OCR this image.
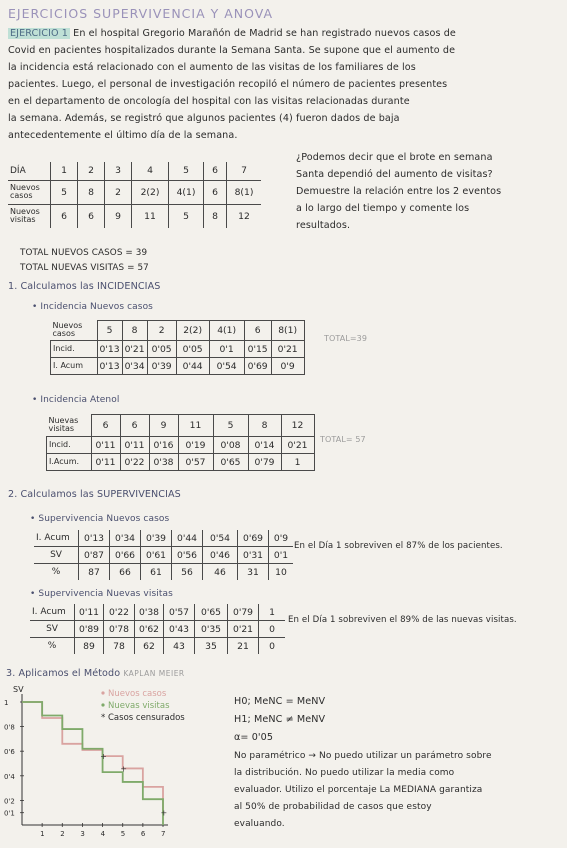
EJERCICIOS SUPERVIVENCIA Y ANOVA
EJERCICIO 1 En el hospital Gregorio Marañón de Madrid se han registrado nuevos casos de
Covid en pacientes hospitalizados durante la Semana Santa. Se supone que el aumento de
la incidencia está relacionado con el aumento de las visitas de los familiares de los
pacientes. Luego, el personal de investigación recopiló el número de pacientes presentes
en el departamento de oncología del hospital con las visitas relacionadas durante
la semana. Además, se registró que algunos pacientes (4) fueron dados de baja
antecedentemente el último día de la semana.
DÍA	1	2	3	4	5	6	7
Nuevos casos	5	8	2	2(2)	4(1)	6	8(1)
Nuevos visitas	6	6	9	11	5	8	12
¿Podemos decir que el brote en semana
Santa dependió del aumento de visitas?
Demuestre la relación entre los 2 eventos
a lo largo del tiempo y comente los
resultados.
TOTAL NUEVOS CASOS = 39
TOTAL NUEVAS VISITAS = 57
1. Calculamos las INCIDENCIAS
• Incidencia Nuevos casos
Nuevos casos	5	8	2	2(2)	4(1)	6	8(1)
Incid.	0'13	0'21	0'05	0'05	0'1	0'15	0'21
I. Acum	0'13	0'34	0'39	0'44	0'54	0'69	0'9
TOTAL=39
• Incidencia Atenol
Nuevas visitas	6	6	9	11	5	8	12
Incid.	0'11	0'11	0'16	0'19	0'08	0'14	0'21
I.Acum.	0'11	0'22	0'38	0'57	0'65	0'79	1
TOTAL= 57
2. Calculamos las SUPERVIVENCIAS
• Supervivencia Nuevos casos
I. Acum	0'13	0'34	0'39	0'44	0'54	0'69	0'9
SV	0'87	0'66	0'61	0'56	0'46	0'31	0'1
%	87	66	61	56	46	31	10
En el Día 1 sobreviven el 87% de los pacientes.
• Supervivencia Nuevas visitas
I. Acum	0'11	0'22	0'38	0'57	0'65	0'79	1
SV	0'89	0'78	0'62	0'43	0'35	0'21	0
%	89	78	62	43	35	21	0
En el Día 1 sobreviven el 89% de las nuevas visitas.
3. Aplicamos el Método KAPLAN MEIER
SV
1
0'8
0'6
0'4
0'2
0'1
1 2 3 4 5 6 7
+
+
+
Nuevos casos
Nuevas visitas
* Casos censurados
H0; MeNC = MeNV
H1; MeNC ≠ MeNV
α= 0'05
No paramétrico → No puedo utilizar un parámetro sobre
la distribución. No puedo utilizar la media como
evaluador. Utilizo el porcentaje La MEDIANA garantiza
al 50% de probabilidad de casos que estoy
evaluando.
